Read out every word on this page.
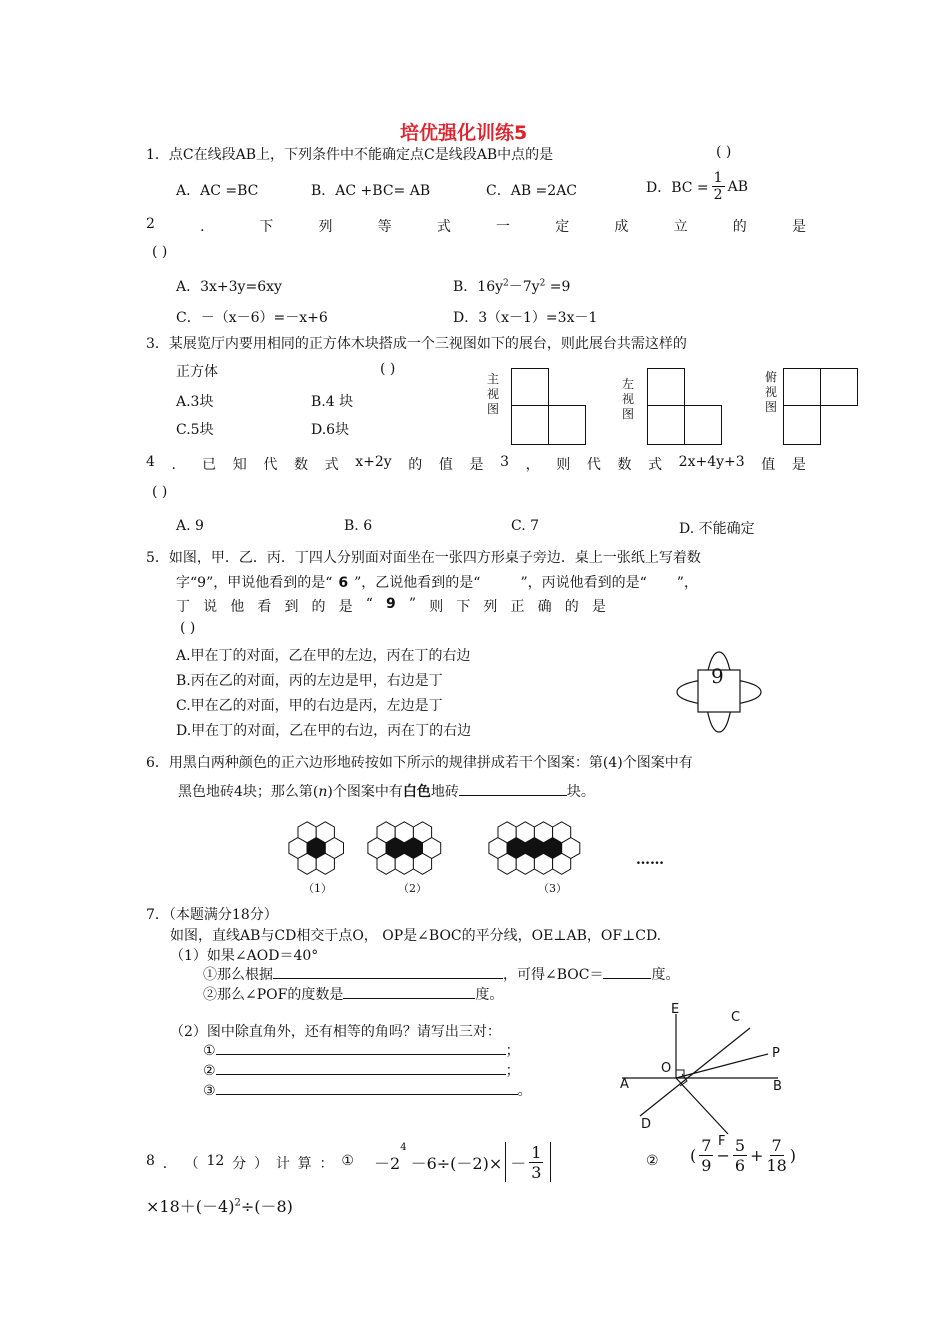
培优强化训练5
1．点C在线段AB上，下列条件中不能确定点C是线段AB中点的是	( )
A．AC =BC	B．AC +BC= AB	C．AB =2AC	D．BC = $\frac{1}{2}$ AB
2	．	下	列	等	式	一	定	成	立	的	是
( )
A．3x+3y=6xy	B．$16y^2-7y^2 =9$
C．－（x－6）=－x+6	D．3（x－1）=3x－1
3．某展览厅内要用相同的正方体木块搭成一个三视图如下的展台，则此展台共需这样的
正方体	( )
A.3块	B.4 块
C.5块	D.6块
主视图
左视图
俯视图
4 ． 已 知 代 数 式 x+2y 的 值 是 3 ， 则 代 数 式 2x+4y+3 值 是
( )
A. 9	B. 6	C. 7	D. 不能确定
5．如图，甲．乙．丙．丁四人分别面对面坐在一张四方形桌子旁边．桌上一张纸上写着数
字“9”，甲说他看到的是“ 6 ”，乙说他看到的是“	”，丙说他看到的是“ ”，
丁 说 他 看 到 的 是 “ 9 ” 则 下 列 正 确 的 是
( )
A.甲在丁的对面，乙在甲的左边，丙在丁的右边
B.丙在乙的对面，丙的左边是甲，右边是丁
C.甲在乙的对面，甲的右边是丙，左边是丁
D.甲在丁的对面，乙在甲的右边，丙在丁的右边
9
6．用黑白两种颜色的正六边形地砖按如下所示的规律拼成若干个图案：第(4)个图案中有
黑色地砖4块；那么第(n)个图案中有白色地砖	块。
（1）	（2）	（3）
……
7．（本题满分18分）
如图，直线AB与CD相交于点O， OP是∠BOC的平分线，OE⊥AB，OF⊥CD.
（1）如果∠AOD＝40°
①那么根据	，可得∠BOC＝	度。
②那么∠POF的度数是	度。
（2）图中除直角外，还有相等的角吗？请写出三对：
①	；
②	；
③	。
E
C
P
O
A	B
D
F
8 ． （ 12 分 ） 计 算 ： ① －2
$^4$
$-6\div(-2)\times - \frac{1}{3}$	② ( $\frac{7}{9} - \frac{5}{6} + \frac{7}{18}$ )
$\times 18+(-4)^2\div(-8)$
